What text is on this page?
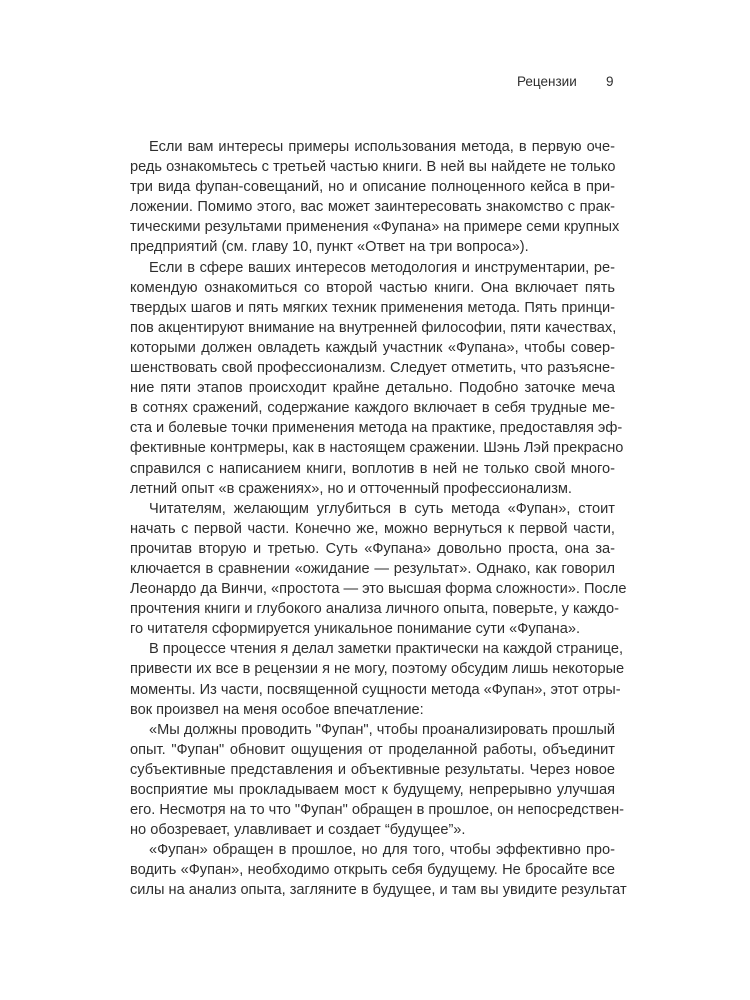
Рецензии 9
Если вам интересы примеры использования метода, в первую оче-
редь ознакомьтесь с третьей частью книги. В ней вы найдете не только
три вида фупан-совещаний, но и описание полноценного кейса в при-
ложении. Помимо этого, вас может заинтересовать знакомство с прак-
тическими результами применения «Фупана» на примере семи крупных
предприятий (см. главу 10, пункт «Ответ на три вопроса»).
Если в сфере ваших интересов методология и инструментарии, ре-
комендую ознакомиться со второй частью книги. Она включает пять
твердых шагов и пять мягких техник применения метода. Пять принци-
пов акцентируют внимание на внутренней философии, пяти качествах,
которыми должен овладеть каждый участник «Фупана», чтобы совер-
шенствовать свой профессионализм. Следует отметить, что разъясне-
ние пяти этапов происходит крайне детально. Подобно заточке меча
в сотнях сражений, содержание каждого включает в себя трудные ме-
ста и болевые точки применения метода на практике, предоставляя эф-
фективные контрмеры, как в настоящем сражении. Шэнь Лэй прекрасно
справился с написанием книги, воплотив в ней не только свой много-
летний опыт «в сражениях», но и отточенный профессионализм.
Читателям, желающим углубиться в суть метода «Фупан», стоит
начать с первой части. Конечно же, можно вернуться к первой части,
прочитав вторую и третью. Суть «Фупана» довольно проста, она за-
ключается в сравнении «ожидание — результат». Однако, как говорил
Леонардо да Винчи, «простота — это высшая форма сложности». После
прочтения книги и глубокого анализа личного опыта, поверьте, у каждо-
го читателя сформируется уникальное понимание сути «Фупана».
В процессе чтения я делал заметки практически на каждой странице,
привести их все в рецензии я не могу, поэтому обсудим лишь некоторые
моменты. Из части, посвященной сущности метода «Фупан», этот отры-
вок произвел на меня особое впечатление:
«Мы должны проводить "Фупан", чтобы проанализировать прошлый
опыт. "Фупан" обновит ощущения от проделанной работы, объединит
субъективные представления и объективные результаты. Через новое
восприятие мы прокладываем мост к будущему, непрерывно улучшая
его. Несмотря на то что "Фупан" обращен в прошлое, он непосредствен-
но обозревает, улавливает и создает “будущее”».
«Фупан» обращен в прошлое, но для того, чтобы эффективно про-
водить «Фупан», необходимо открыть себя будущему. Не бросайте все
силы на анализ опыта, загляните в будущее, и там вы увидите результат
